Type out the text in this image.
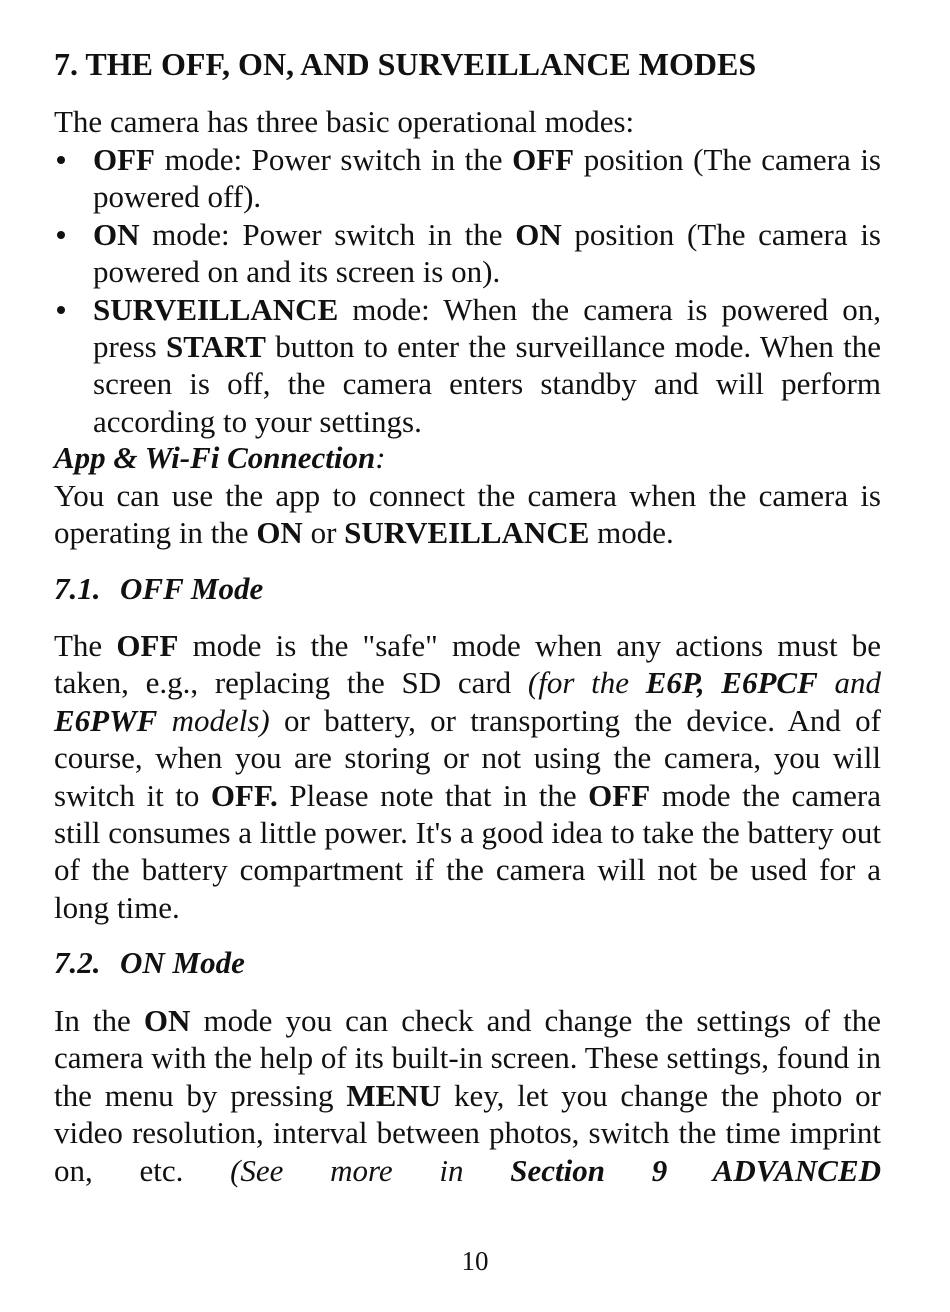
7. THE OFF, ON, AND SURVEILLANCE MODES

The camera has three basic operational modes:

OFF mode: Power switch in the OFF position (The camera is powered off).
ON mode: Power switch in the ON position (The camera is powered on and its screen is on).
SURVEILLANCE mode: When the camera is powered on, press START button to enter the surveillance mode. When the screen is off, the camera enters standby and will perform according to your settings.
App & Wi-Fi Connection:

You can use the app to connect the camera when the camera is operating in the ON or SURVEILLANCE mode.

7.1. OFF Mode

The OFF mode is the "safe" mode when any actions must be taken, e.g., replacing the SD card (for the E6P, E6PCF and E6PWF models) or battery, or transporting the device. And of course, when you are storing or not using the camera, you will switch it to OFF. Please note that in the OFF mode the camera still consumes a little power. It's a good idea to take the battery out of the battery compartment if the camera will not be used for a long time.

7.2. ON Mode

In the ON mode you can check and change the settings of the camera with the help of its built-in screen. These settings, found in the menu by pressing MENU key, let you change the photo or video resolution, interval between photos, switch the time imprint on, etc. (See more in Section 9 ADVANCED

10
